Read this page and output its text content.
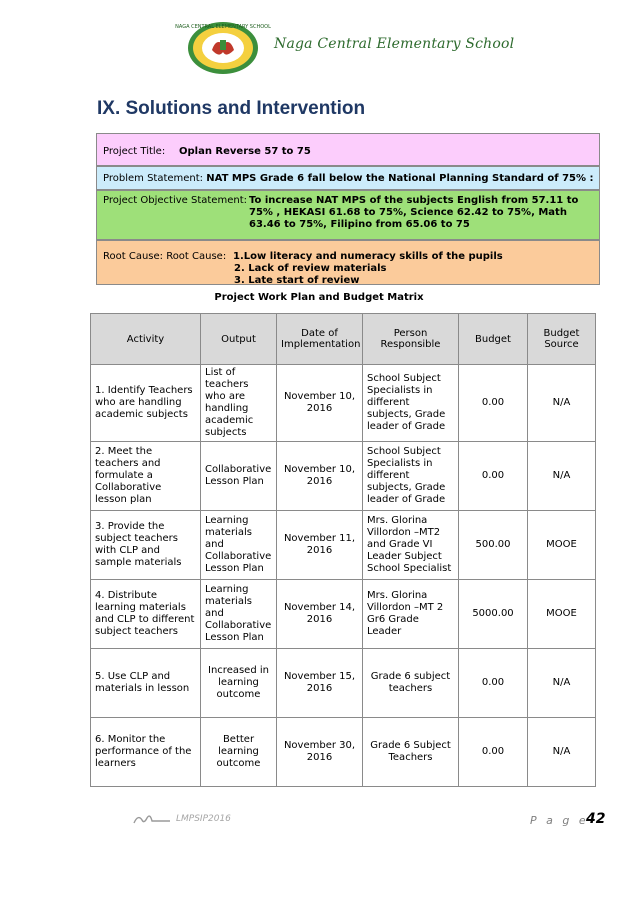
NAGA CENTRAL ELEMENTARY SCHOOL
Naga Central Elementary School
IX. Solutions and Intervention
Project Title: Oplan Reverse 57 to 75
Problem Statement: NAT MPS Grade 6 fall below the National Planning Standard of 75% :
Project Objective Statement: To increase NAT MPS of the subjects English from 57.11 to 75% , HEKASI 61.68 to 75%, Science 62.42 to 75%, Math 63.46 to 75%, Filipino from 65.06 to 75
Root Cause: Root Cause: 1.Low literacy and numeracy skills of the pupils
2. Lack of review materials
3. Late start of review
Project Work Plan and Budget Matrix
Activity	Output	Date of Implementation	Person Responsible	Budget	Budget Source
1. Identify Teachers who are handling academic subjects	List of teachers who are handling academic subjects	November 10, 2016	School Subject Specialists in different subjects, Grade leader of Grade	0.00	N/A
2. Meet the teachers and formulate a Collaborative lesson plan	Collaborative Lesson Plan	November 10, 2016	School Subject Specialists in different subjects, Grade leader of Grade	0.00	N/A
3. Provide the subject teachers with CLP and sample materials	Learning materials and Collaborative Lesson Plan	November 11, 2016	Mrs. Glorina Villordon –MT2 and Grade VI Leader Subject School Specialist	500.00	MOOE
4. Distribute learning materials and CLP to different subject teachers	Learning materials and Collaborative Lesson Plan	November 14, 2016	Mrs. Glorina Villordon –MT 2 Gr6 Grade Leader	5000.00	MOOE
5. Use CLP and materials in lesson	Increased in learning outcome	November 15, 2016	Grade 6 subject teachers	0.00	N/A
6. Monitor the performance of the learners	Better learning outcome	November 30, 2016	Grade 6 Subject Teachers	0.00	N/A
LMPSIP2016	P a g e
42
